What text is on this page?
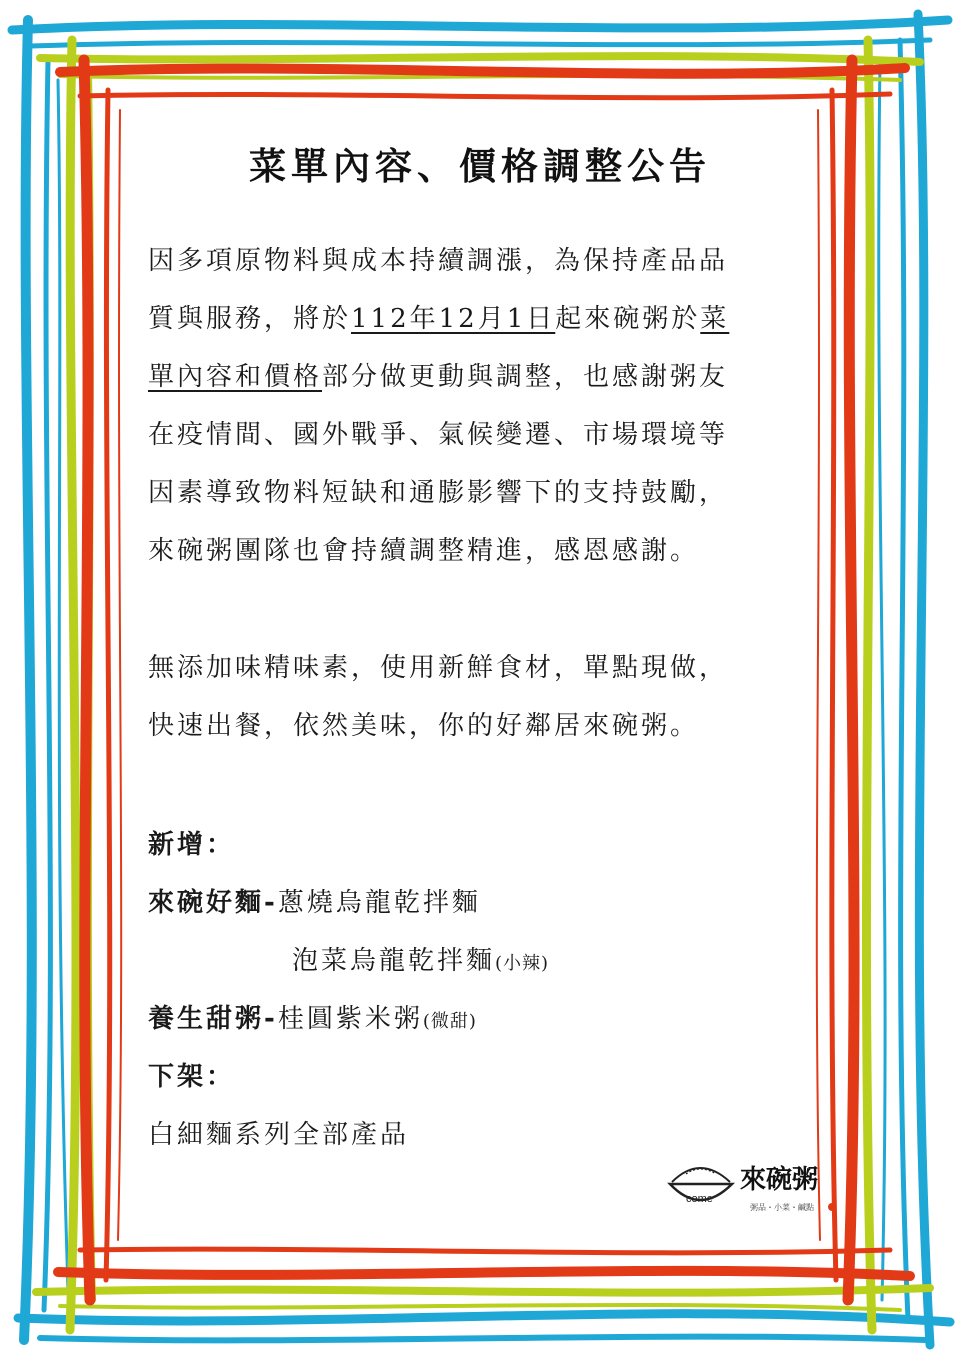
菜單內容、價格調整公告
因多項原物料與成本持續調漲，為保持產品品
質與服務，將於112年12月1日起來碗粥於菜
單內容和價格部分做更動與調整，也感謝粥友
在疫情間、國外戰爭、氣候變遷、市場環境等
因素導致物料短缺和通膨影響下的支持鼓勵，
來碗粥團隊也會持續調整精進，感恩感謝。
無添加味精味素，使用新鮮食材，單點現做，
快速出餐，依然美味，你的好鄰居來碗粥。
新增：
來碗好麵-蔥燒烏龍乾拌麵
泡菜烏龍乾拌麵(小辣)
養生甜粥-桂圓紫米粥(微甜)
下架：
白細麵系列全部產品
come
來碗粥
粥品・小菜・鹹點
